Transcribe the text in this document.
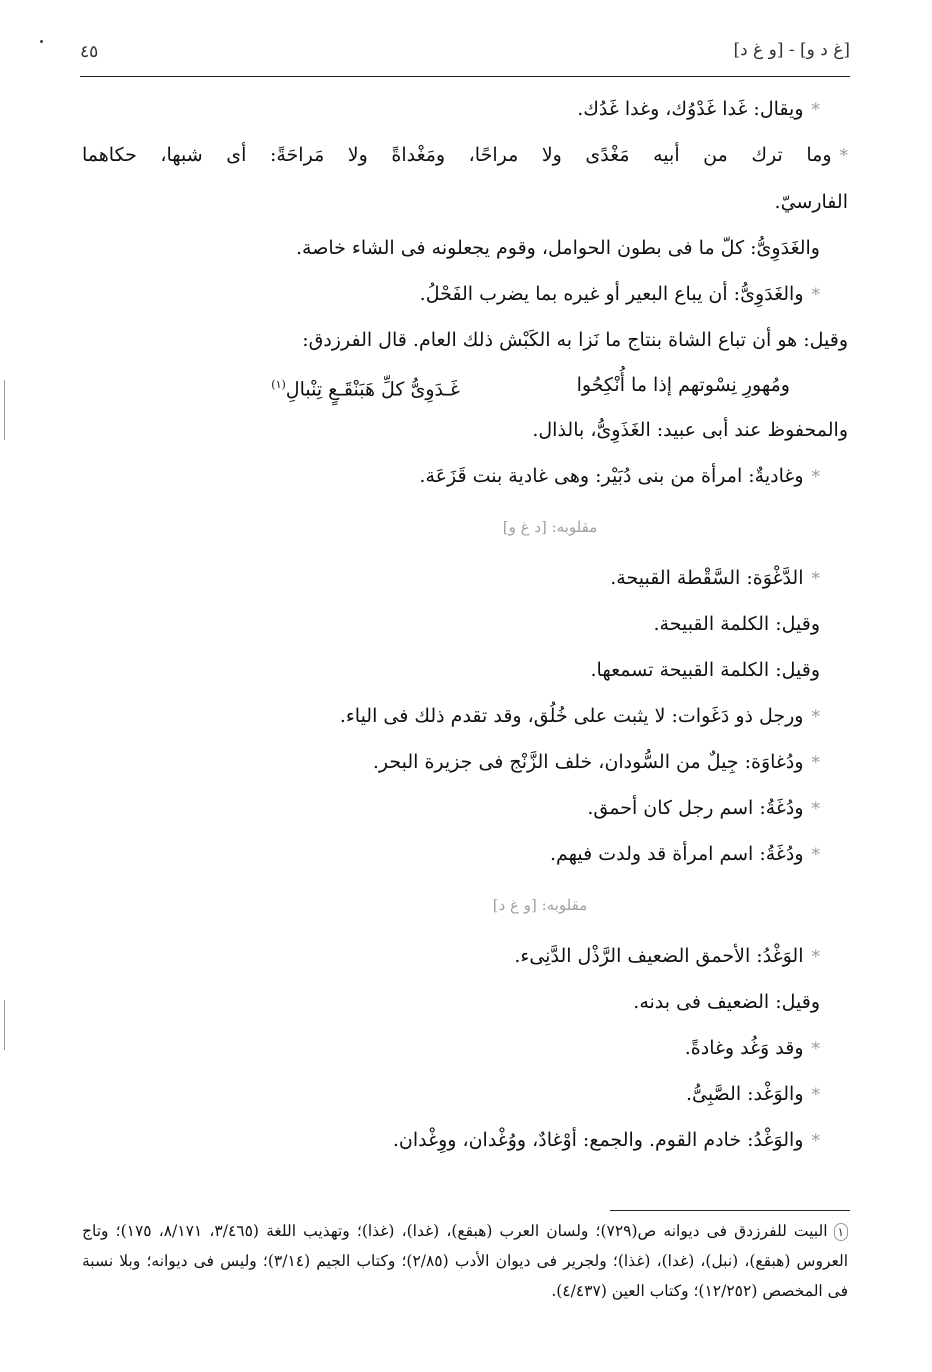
[غ د و] - [و غ د]
٤٥
*ويقال: غَدا غَدْوُك، وغدا غَدُك.
*وما ترك من أبيه مَغْدًى ولا مراحًا، ومَغْداةً ولا مَراحَةً: أى شبها، حكاهما
الفارسيّ.
والغَدَوِىُّ: كلّ ما فى بطون الحوامل، وقوم يجعلونه فى الشاء خاصة.
*والغَدَوِىُّ: أن يباع البعير أو غيره بما يضرب الفَحْلُ.
وقيل: هو أن تباع الشاة بنتاج ما نَزا به الكَبْش ذلك العام. قال الفرزدق:
ومُهورِ نِسْوتهم إذا ما أُنْكِحُوا
غَـدَوِىُّ كلِّ هَبَنْقَـعٍ تِنْبالِ$^{(١)}$
والمحفوظ عند أبى عبيد: الغَذَوِىُّ، بالذال.
*وغاديةٌ: امرأة من بنى دُبَيْر: وهى غادية بنت قَزَعَة.
مقلوبه: [د غ و]
*الدَّغْوَة: السَّقْطة القبيحة.
وقيل: الكلمة القبيحة.
وقيل: الكلمة القبيحة تسمعها.
*ورجل ذو دَغَوات: لا يثبت على خُلُق، وقد تقدم ذلك فى الياء.
*ودُغاوَة: جِيلٌ من السُّودان، خلف الزَّنْج فى جزيرة البحر.
*ودُغَةُ: اسم رجل كان أحمق.
*ودُغَةُ: اسم امرأة قد ولدت فيهم.
مقلوبه: [و غ د]
*الوَغْدُ: الأحمق الضعيف الرَّذْل الدَّنِىء.
وقيل: الضعيف فى بدنه.
*وقد وَغُد وغادةً.
*والوَغْد: الصَّبِىُّ.
*والوَغْدُ: خادم القوم. والجمع: أوْغادٌ، ووُغْدان، ووِغْدان.
١البيت للفرزدق فى ديوانه ص(٧٢٩)؛ ولسان العرب (هبقع)، (غدا)، (غذا)؛ وتهذيب اللغة (٣/٤٦٥، ٨/١٧١، ١٧٥)؛ وتاج العروس (هبقع)، (نبل)، (غدا)، (غذا)؛ ولجرير فى ديوان الأدب (٢/٨٥)؛ وكتاب الجيم (٣/١٤)؛ وليس فى ديوانه؛ وبلا نسبة فى المخصص (١٢/٢٥٢)؛ وكتاب العين (٤/٤٣٧).
